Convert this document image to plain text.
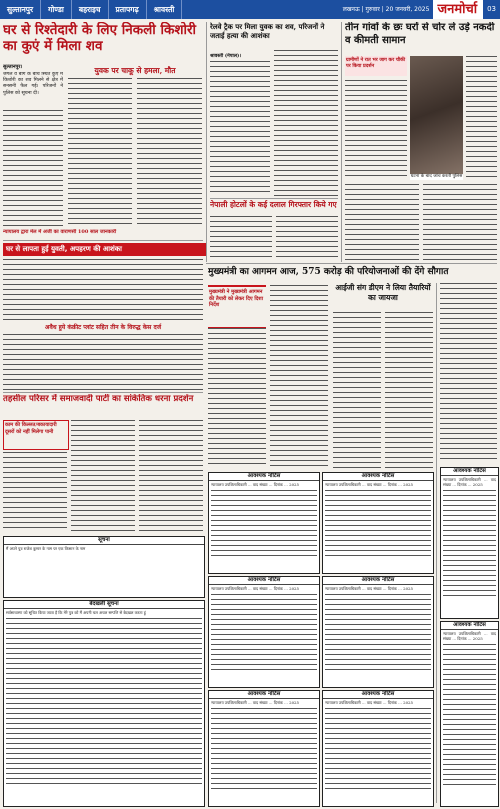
सुल्तानपुर	गोण्डा	बहराइच	प्रतापगढ़	श्रावस्ती	लखनऊ | गुरुवार | 20 जनवरी, 2025 जनमोर्चा	03
घर से रिश्तेदारी के लिए निकली किशोरी का कुएं में मिला शव
सुल्तानपुर।
जंगल व बाग के बीच स्थित कुएं में किशोरी का शव मिलने से क्षेत्र में सनसनी फैल गई। परिजनों ने पुलिस को सूचना दी।
युवक पर चाकू से हमला, मौत
न्यायालय द्वारा मेल में अर्जी का वाराणसी 100 साल जानकारी
रेलवे ट्रैक पर मिला युवक का शव, परिजनों ने जताई हत्या की आशंका
श्रावस्ती (नेपाल)।
तीन गांवों के छः घरों से चोर ले उड़े नकदी व कीमती सामान
ग्रामीणों ने रात भर जाग कर चौकी पर किया प्रदर्शन
घटना के बाद जांच करती पुलिस
नेपाली होटलों के कई दलाल गिरफ्तार किये गए
घर से लापता हुई युवती, अपहरण की आशंका
अवैध हुये कंक्रीट प्लांट सहित तीन के विरुद्ध केस दर्ज
मुख्यमंत्री का आगमन आज, 575 करोड़ की परियोजनाओं की देंगे सौगात
मुख्यमंत्री ने मुख्यमंत्री आगमन की तैयारी को लेकर दिए दिशा निर्देश
आईजी संग डीएम ने लिया तैयारियों का जायजा
तहसील परिसर में समाजवादी पार्टी का सांकेतिक धरना प्रदर्शन
काम की किल्लत/बकायादारी दूसरों को नहीं मिलेगा पानी
सूचना
मैं अपने पुत्र राजेश कुमार के नाम पर एक किसान के नाम
बेदखली सूचना
सर्वसाधारण को सूचित किया जाता है कि मेरे पुत्र को मैं अपनी चल अचल सम्पत्ति से बेदखल करता हूं
आवश्यक नोटिस
न्यायालय उपजिलाधिकारी ... वाद संख्या ... दिनांक ... 2025
आवश्यक नोटिस
न्यायालय उपजिलाधिकारी ... वाद संख्या ... दिनांक ... 2025
आवश्यक नोटिस
न्यायालय उपजिलाधिकारी ... वाद संख्या ... दिनांक ... 2025
आवश्यक नोटिस
न्यायालय उपजिलाधिकारी ... वाद संख्या ... दिनांक ... 2025
आवश्यक नोटिस
न्यायालय उपजिलाधिकारी ... वाद संख्या ... दिनांक ... 2025
आवश्यक नोटिस
न्यायालय उपजिलाधिकारी ... वाद संख्या ... दिनांक ... 2025
आवश्यक नोटिस
न्यायालय उपजिलाधिकारी ... वाद संख्या ... दिनांक ... 2025
आवश्यक नोटिस
न्यायालय उपजिलाधिकारी ... वाद संख्या ... दिनांक ... 2025
